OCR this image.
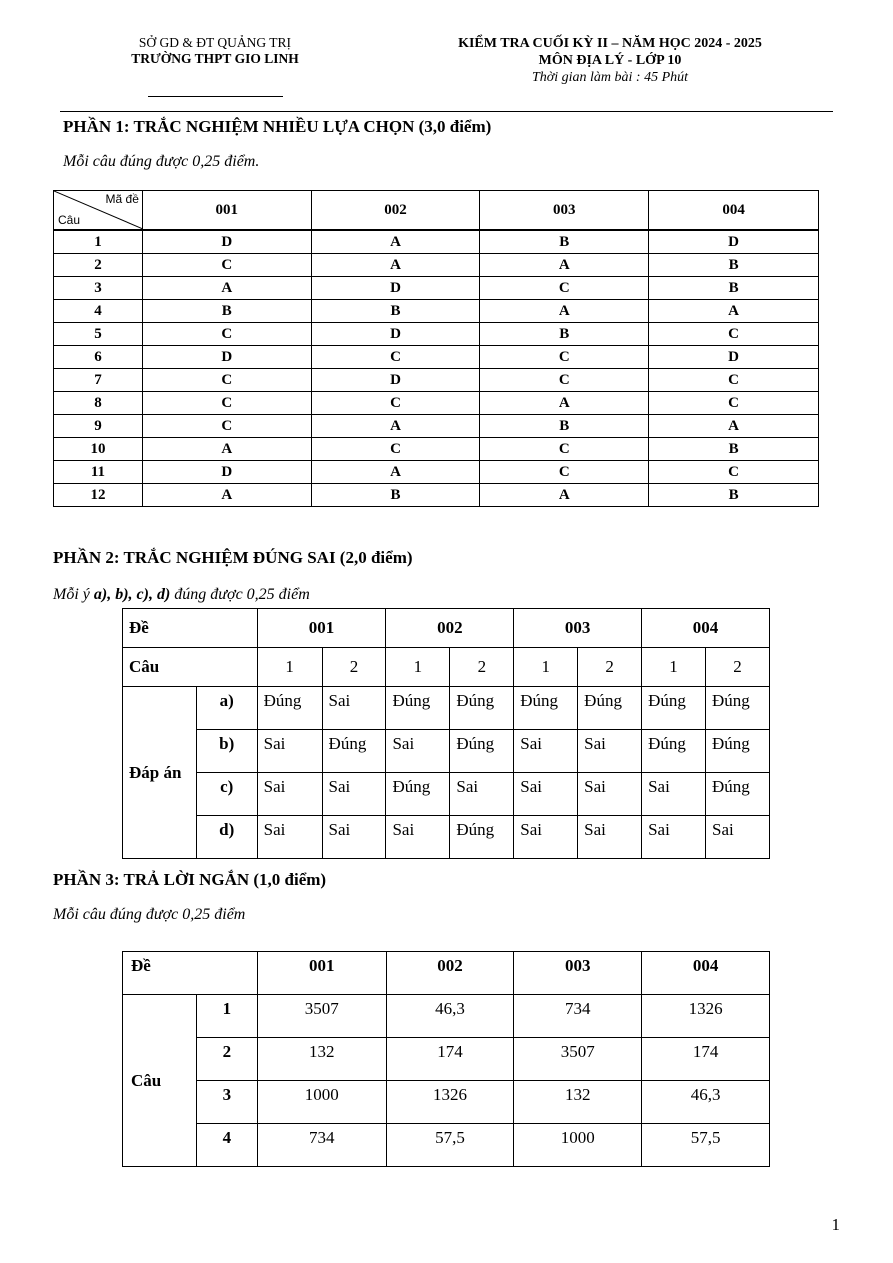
SỞ GD & ĐT QUẢNG TRỊ
TRƯỜNG THPT GIO LINH
KIỂM TRA CUỐI KỲ II – NĂM HỌC 2024 - 2025
MÔN ĐỊA LÝ - LỚP 10
Thời gian làm bài : 45 Phút
PHẦN 1: TRẮC NGHIỆM NHIỀU LỰA CHỌN (3,0 điểm)
Mỗi câu đúng được 0,25 điểm.
Mã đề
Câu	001	002	003	004
1	D	A	B	D
2	C	A	A	B
3	A	D	C	B
4	B	B	A	A
5	C	D	B	C
6	D	C	C	D
7	C	D	C	C
8	C	C	A	C
9	C	A	B	A
10	A	C	C	B
11	D	A	C	C
12	A	B	A	B
PHẦN 2: TRẮC NGHIỆM ĐÚNG SAI (2,0 điểm)
Mỗi ý a), b), c), d) đúng được 0,25 điểm
Đề		001		002		003		004	
Câu		1	2	1	2	1	2	1	2
Đáp án	a)	Đúng	Sai	Đúng	Đúng	Đúng	Đúng	Đúng	Đúng
	b)	Sai	Đúng	Sai	Đúng	Sai	Sai	Đúng	Đúng
	c)	Sai	Sai	Đúng	Sai	Sai	Sai	Sai	Đúng
	d)	Sai	Sai	Sai	Đúng	Sai	Sai	Sai	Sai
PHẦN 3: TRẢ LỜI NGẮN (1,0 điểm)
Mỗi câu đúng được 0,25 điểm
Đề		001	002	003	004
Câu	1	3507	46,3	734	1326
	2	132	174	3507	174
	3	1000	1326	132	46,3
	4	734	57,5	1000	57,5
1
